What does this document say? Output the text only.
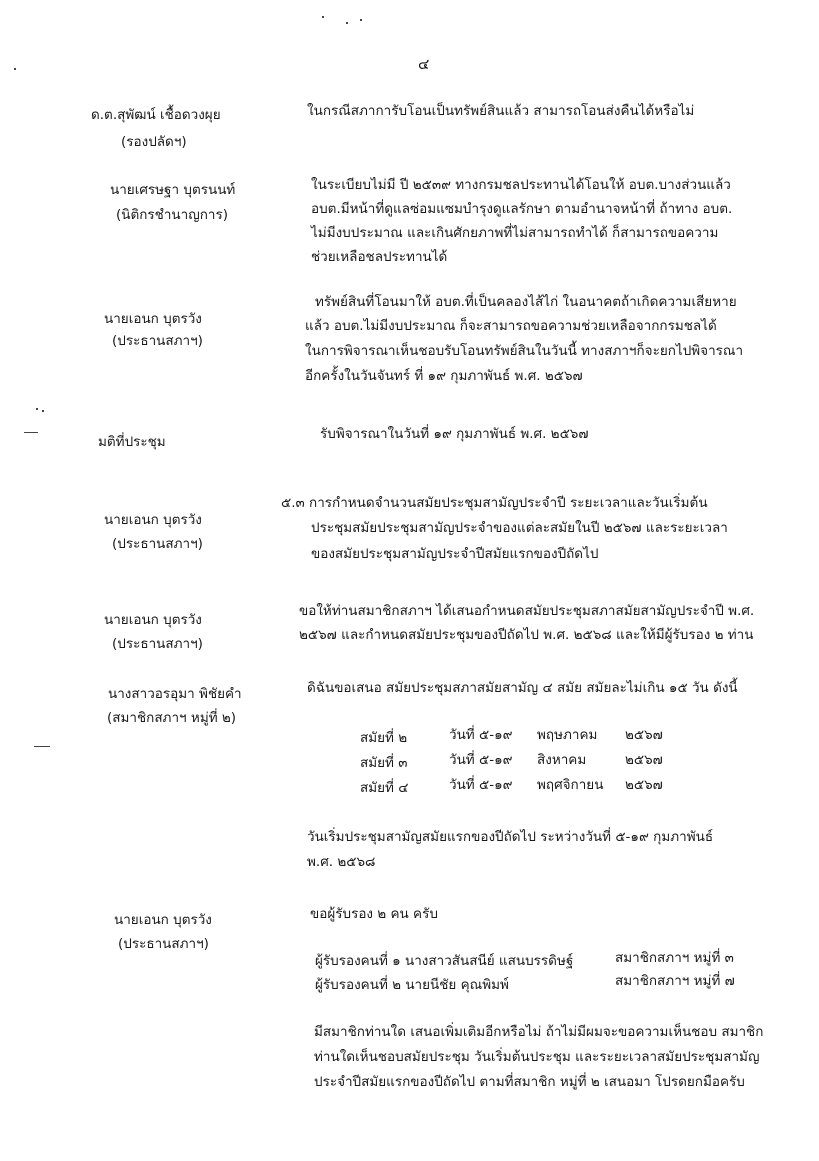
๔
ด.ต.สุพัฒน์ เชื้อดวงผุย
(รองปลัดฯ)
ในกรณีสภาการับโอนเป็นทรัพย์สินแล้ว สามารถโอนส่งคืนได้หรือไม่
นายเศรษฐา บุตรนนท์
(นิติกรชำนาญการ)
ในระเบียบไม่มี ปี ๒๕๓๙ ทางกรมชลประทานได้โอนให้ อบต.บางส่วนแล้ว
อบต.มีหน้าที่ดูแลซ่อมแซมบำรุงดูแลรักษา ตามอำนาจหน้าที่ ถ้าทาง อบต.
ไม่มีงบประมาณ และเกินศักยภาพที่ไม่สามารถทำได้ ก็สามารถขอความ
ช่วยเหลือชลประทานได้
นายเอนก บุตรวัง
(ประธานสภาฯ)
ทรัพย์สินที่โอนมาให้ อบต.ที่เป็นคลองไส้ไก่ ในอนาคตถ้าเกิดความเสียหาย
แล้ว อบต.ไม่มีงบประมาณ ก็จะสามารถขอความช่วยเหลือจากกรมชลได้
ในการพิจารณาเห็นชอบรับโอนทรัพย์สินในวันนี้ ทางสภาฯก็จะยกไปพิจารณา
อีกครั้งในวันจันทร์ ที่ ๑๙ กุมภาพันธ์ พ.ศ. ๒๕๖๗
มติที่ประชุม	รับพิจารณาในวันที่ ๑๙ กุมภาพันธ์ พ.ศ. ๒๕๖๗
นายเอนก บุตรวัง
(ประธานสภาฯ)
๕.๓ การกำหนดจำนวนสมัยประชุมสามัญประจำปี ระยะเวลาและวันเริ่มต้น
ประชุมสมัยประชุมสามัญประจำของแต่ละสมัยในปี ๒๕๖๗ และระยะเวลา
ของสมัยประชุมสามัญประจำปีสมัยแรกของปีถัดไป
นายเอนก บุตรวัง
(ประธานสภาฯ)
ขอให้ท่านสมาชิกสภาฯ ได้เสนอกำหนดสมัยประชุมสภาสมัยสามัญประจำปี พ.ศ.
๒๕๖๗ และกำหนดสมัยประชุมของปีถัดไป พ.ศ. ๒๕๖๘ และให้มีผู้รับรอง ๒ ท่าน
นางสาวอรอุมา พิชัยคำ
(สมาชิกสภาฯ หมู่ที่ ๒)
ดิฉันขอเสนอ สมัยประชุมสภาสมัยสามัญ ๔ สมัย สมัยละไม่เกิน ๑๕ วัน ดังนี้
สมัยที่ ๒	วันที่ ๕-๑๙ พฤษภาคม ๒๕๖๗
สมัยที่ ๓	วันที่ ๕-๑๙ สิงหาคม	๒๕๖๗
สมัยที่ ๔	วันที่ ๕-๑๙ พฤศจิกายน ๒๕๖๗
วันเริ่มประชุมสามัญสมัยแรกของปีถัดไป ระหว่างวันที่ ๕-๑๙ กุมภาพันธ์
พ.ศ. ๒๕๖๘
นายเอนก บุตรวัง
(ประธานสภาฯ)
ขอผู้รับรอง ๒ คน ครับ
ผู้รับรองคนที่ ๑ นางสาวสันสนีย์ แสนบรรดิษฐ์	สมาชิกสภาฯ หมู่ที่ ๓
ผู้รับรองคนที่ ๒ นายนีชัย คุณพิมพ์	สมาชิกสภาฯ หมู่ที่ ๗
มีสมาชิกท่านใด เสนอเพิ่มเติมอีกหรือไม่ ถ้าไม่มีผมจะขอความเห็นชอบ สมาชิก
ท่านใดเห็นชอบสมัยประชุม วันเริ่มต้นประชุม และระยะเวลาสมัยประชุมสามัญ
ประจำปีสมัยแรกของปีถัดไป ตามที่สมาชิก หมู่ที่ ๒ เสนอมา โปรดยกมือครับ
